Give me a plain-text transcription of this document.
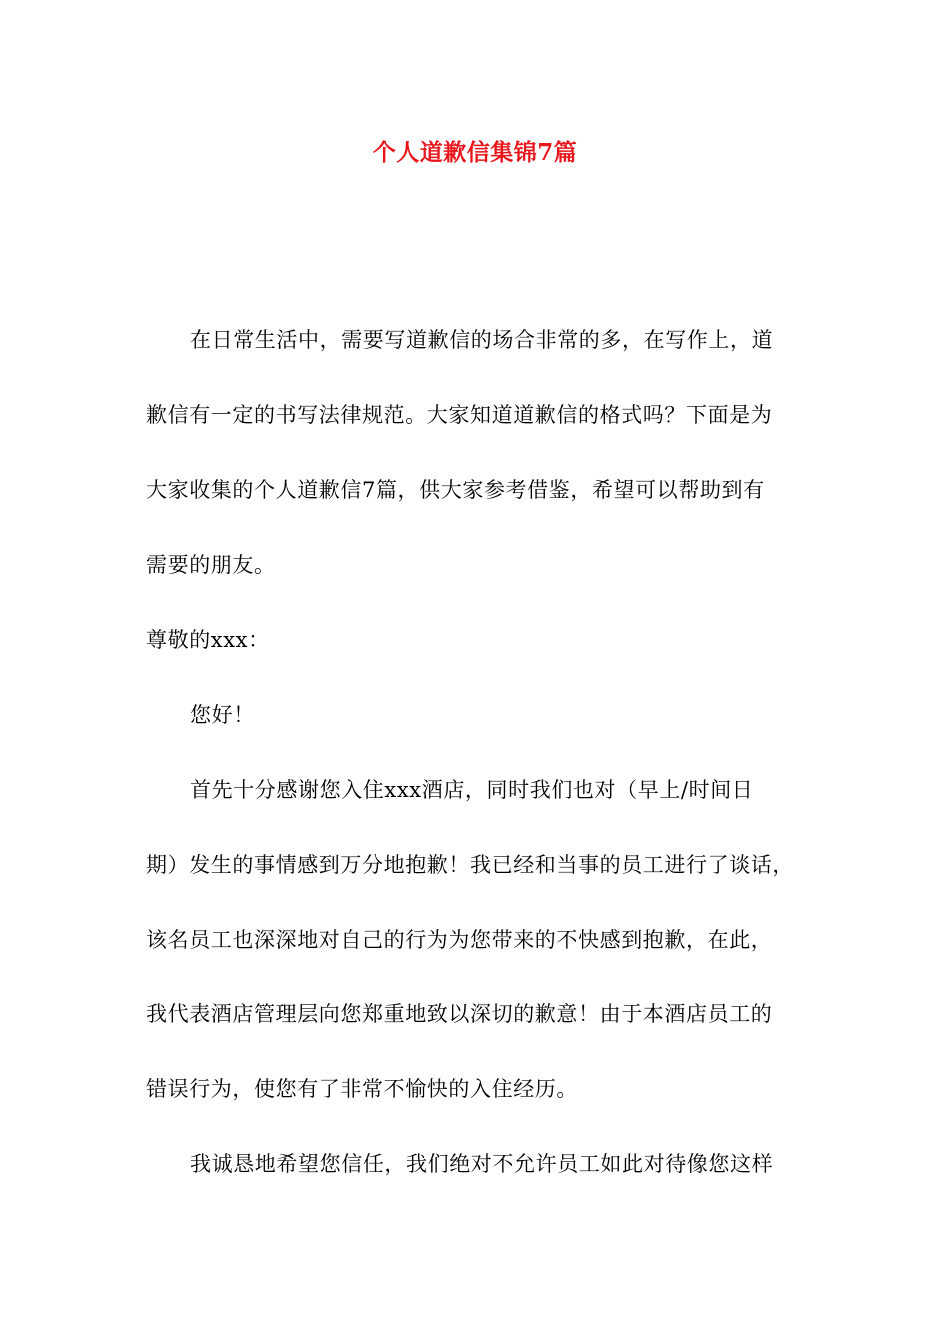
个人道歉信集锦7篇
在日常生活中，需要写道歉信的场合非常的多，在写作上，道
歉信有一定的书写法律规范。大家知道道歉信的格式吗？下面是为
大家收集的个人道歉信7篇，供大家参考借鉴，希望可以帮助到有
需要的朋友。
尊敬的xxx：
您好！
首先十分感谢您入住xxx酒店，同时我们也对（早上/时间日
期）发生的事情感到万分地抱歉！我已经和当事的员工进行了谈话，
该名员工也深深地对自己的行为为您带来的不快感到抱歉，在此，
我代表酒店管理层向您郑重地致以深切的歉意！由于本酒店员工的
错误行为，使您有了非常不愉快的入住经历。
我诚恳地希望您信任，我们绝对不允许员工如此对待像您这样
